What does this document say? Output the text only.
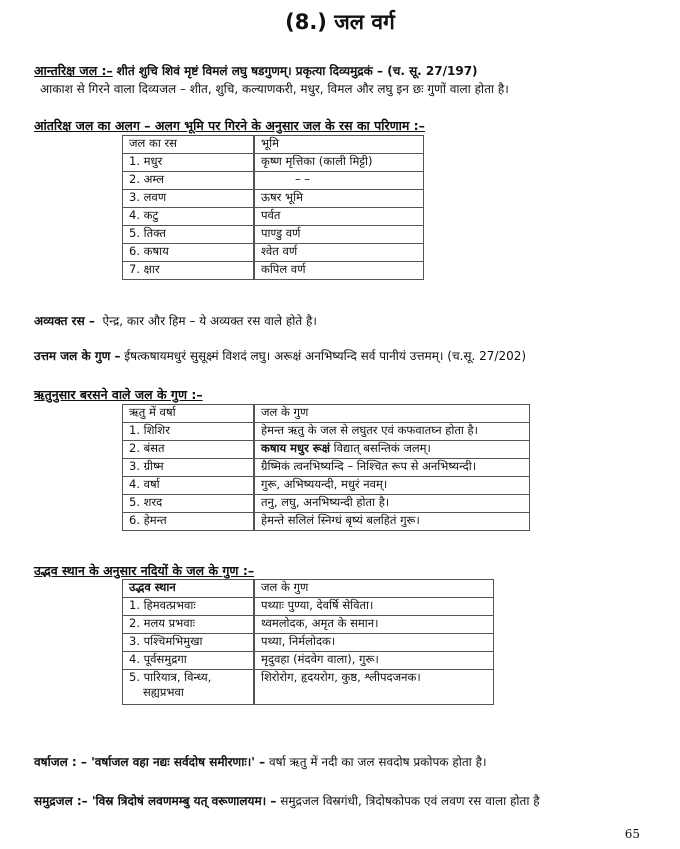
(8.) जल वर्ग
आन्तरिक्ष जल :– शीतं शुचि शिवं मृष्टं विमलं लघु षडगुणम्। प्रकृत्या दिव्यमुद्रकं – (च. सू. 27/197)
आकाश से गिरने वाला दिव्यजल – शीत, शुचि, कल्याणकरी, मधुर, विमल और लघु इन छः गुणों वाला होता है।
आंतरिक्ष जल का अलग – अलग भूमि पर गिरने के अनुसार जल के रस का परिणाम :–
जल का रस	भूमि
1. मधुर	कृष्ण मृत्तिका (काली मिट्टी)
2. अम्ल	– –
3. लवण	ऊषर भूमि
4. कटु	पर्वत
5. तिक्त	पाण्डु वर्ण
6. कषाय	श्वेत वर्ण
7. क्षार	कपिल वर्ण
अव्यक्त रस – ऐन्द्र, कार और हिम – ये अव्यक्त रस वाले होते है।
उत्तम जल के गुण – ईषत्कषायमधुरं सुसूक्ष्मं विशदं लघु। अरूक्षं अनभिष्यन्दि सर्व पानीयं उत्तमम्। (च.सू. 27/202)
ऋतुनुसार बरसने वाले जल के गुण :–
ऋतु में वर्षा	जल के गुण
1. शिशिर	हेमन्त ऋतु के जल से लघुतर एवं कफवातघ्न होता है।
2. बंसत	कषाय मधुर रूक्षं विद्यात् बसन्तिकं जलम्।
3. ग्रीष्म	ग्रैष्मिकं त्वनभिष्यन्दि – निश्चित रूप से अनभिष्यन्दी।
4. वर्षा	गुरू, अभिष्ययन्दी, मधुरं नवम्।
5. शरद	तनु, लघु, अनभिष्यन्दी होता है।
6. हेमन्त	हेमन्ते सलिलं स्निग्धं बृष्यं बलहितं गुरू।
उद्भव स्थान के अनुसार नदियों के जल के गुण :–
उद्भव स्थान	जल के गुण
1. हिमवत्प्रभवाः	पथ्याः पुण्या, देवर्षि सेविता।
2. मलय प्रभवाः	थ्वमलोदक, अमृत के समान।
3. पश्चिमभिमुखा	पथ्या, निर्मलोदक।
4. पूर्वसमुद्रगा	मृदुवहा (मंदवेग वाला), गुरू।

5. पारियात्र, विन्ध्य,
सह्यप्रभवा	शिरोरोग, हृदयरोग, कुष्ठ, श्लीपदजनक।
वर्षाजल : – 'वर्षाजल वहा नद्यः सर्वदोष समीरणाः।' – वर्षा ऋतु में नदी का जल सवदोष प्रकोपक होता है।
समुद्रजल :– 'विस्र त्रिदोषं लवणमम्बु यत् वरूणालयम। – समुद्रजल विस्रगंधी, त्रिदोषकोपक एवं लवण रस वाला होता है
65
